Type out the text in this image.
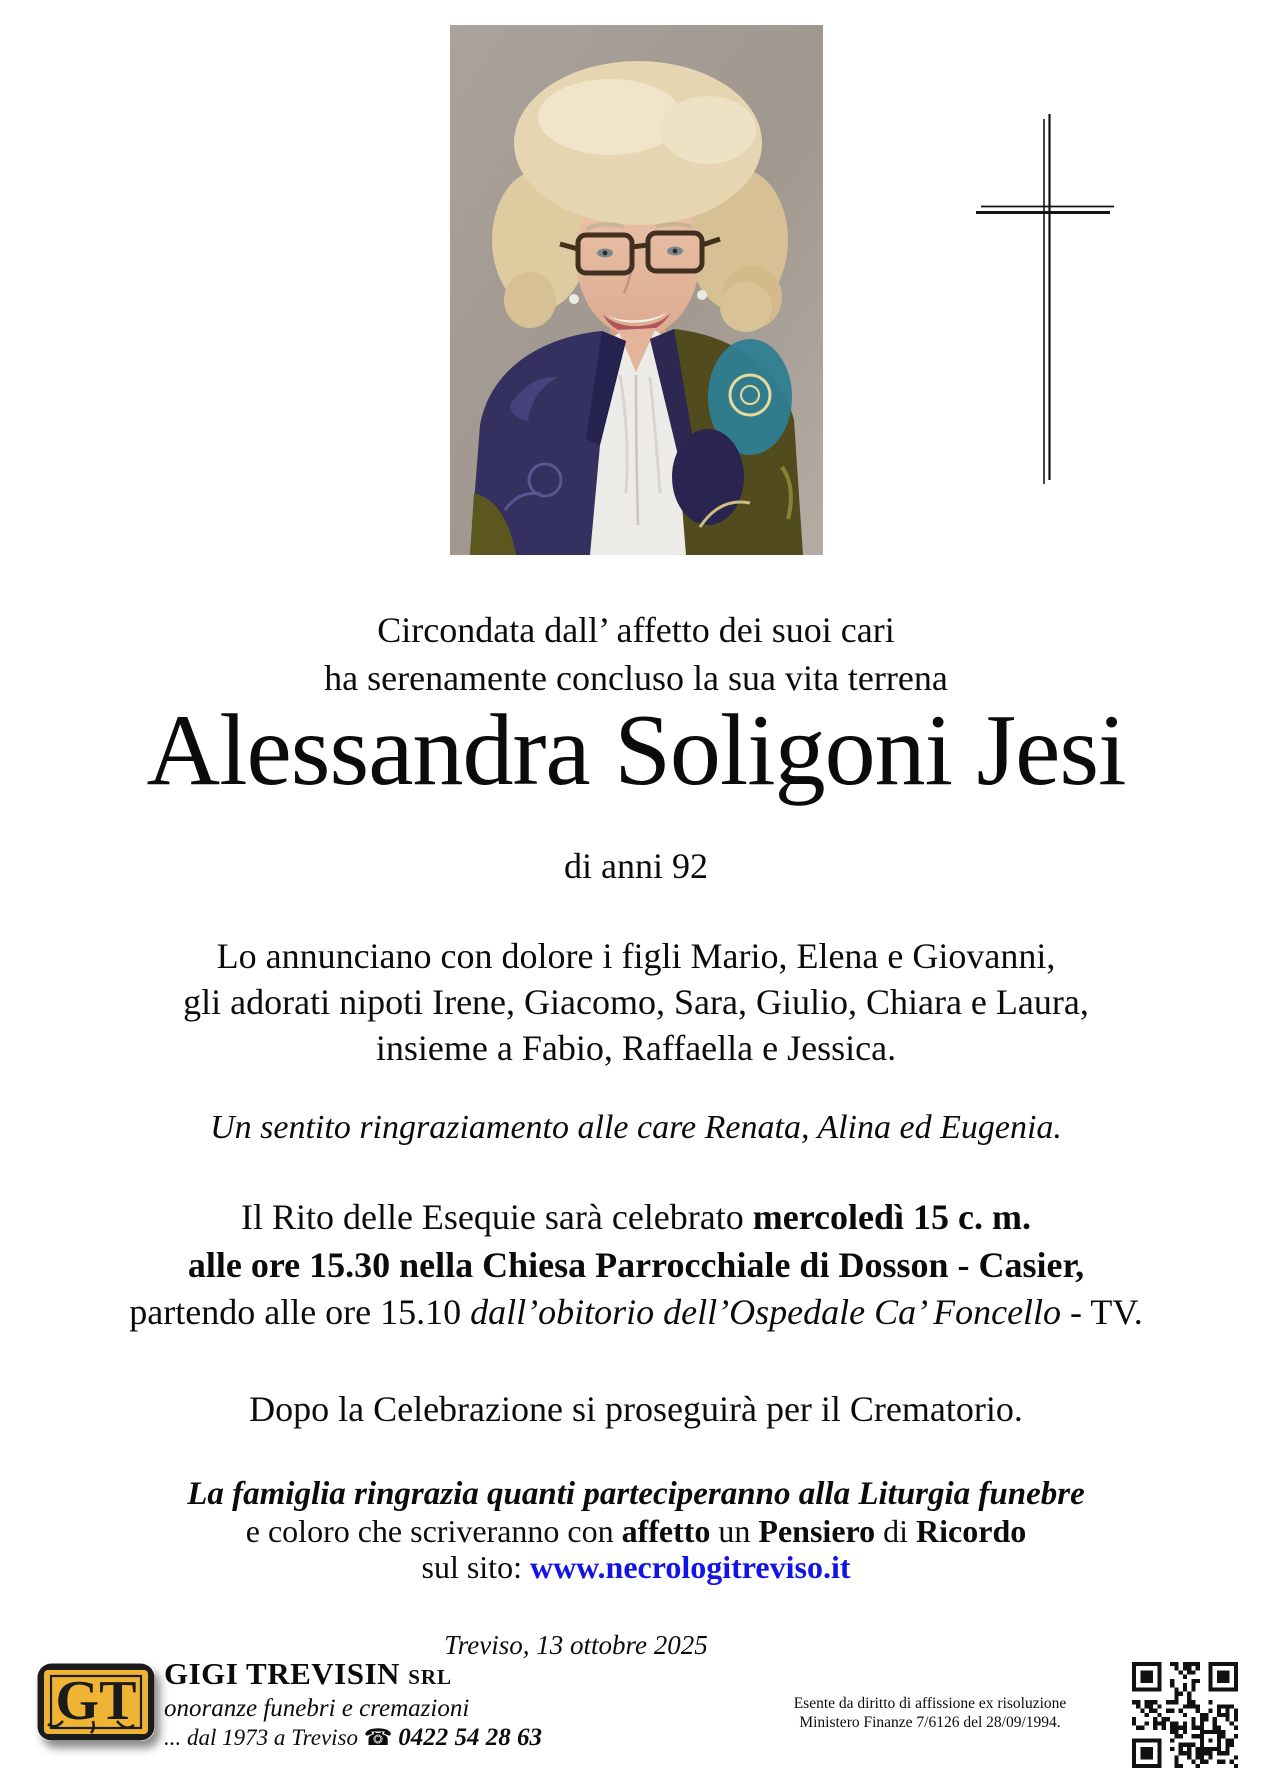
Circondata dall’ affetto dei suoi cari
ha serenamente concluso la sua vita terrena
Alessandra Soligoni Jesi
di anni 92
Lo annunciano con dolore i figli Mario, Elena e Giovanni,
gli adorati nipoti Irene, Giacomo, Sara, Giulio, Chiara e Laura,
insieme a Fabio, Raffaella e Jessica.
Un sentito ringraziamento alle care Renata, Alina ed Eugenia.
Il Rito delle Esequie sarà celebrato mercoledì 15 c. m.
alle ore 15.30 nella Chiesa Parrocchiale di Dosson - Casier,
partendo alle ore 15.10 dall’obitorio dell’Ospedale Ca’ Foncello - TV.
Dopo la Celebrazione si proseguirà per il Crematorio.
La famiglia ringrazia quanti parteciperanno alla Liturgia funebre
e coloro che scriveranno con affetto un Pensiero di Ricordo
sul sito: www.necrologitreviso.it
Treviso, 13 ottobre 2025
GT GIGI TREVISIN SRL
onoranze funebri e cremazioni
... dal 1973 a Treviso ☎ 0422 54 28 63
Esente da diritto di affissione ex risoluzione
Ministero Finanze 7/6126 del 28/09/1994.
